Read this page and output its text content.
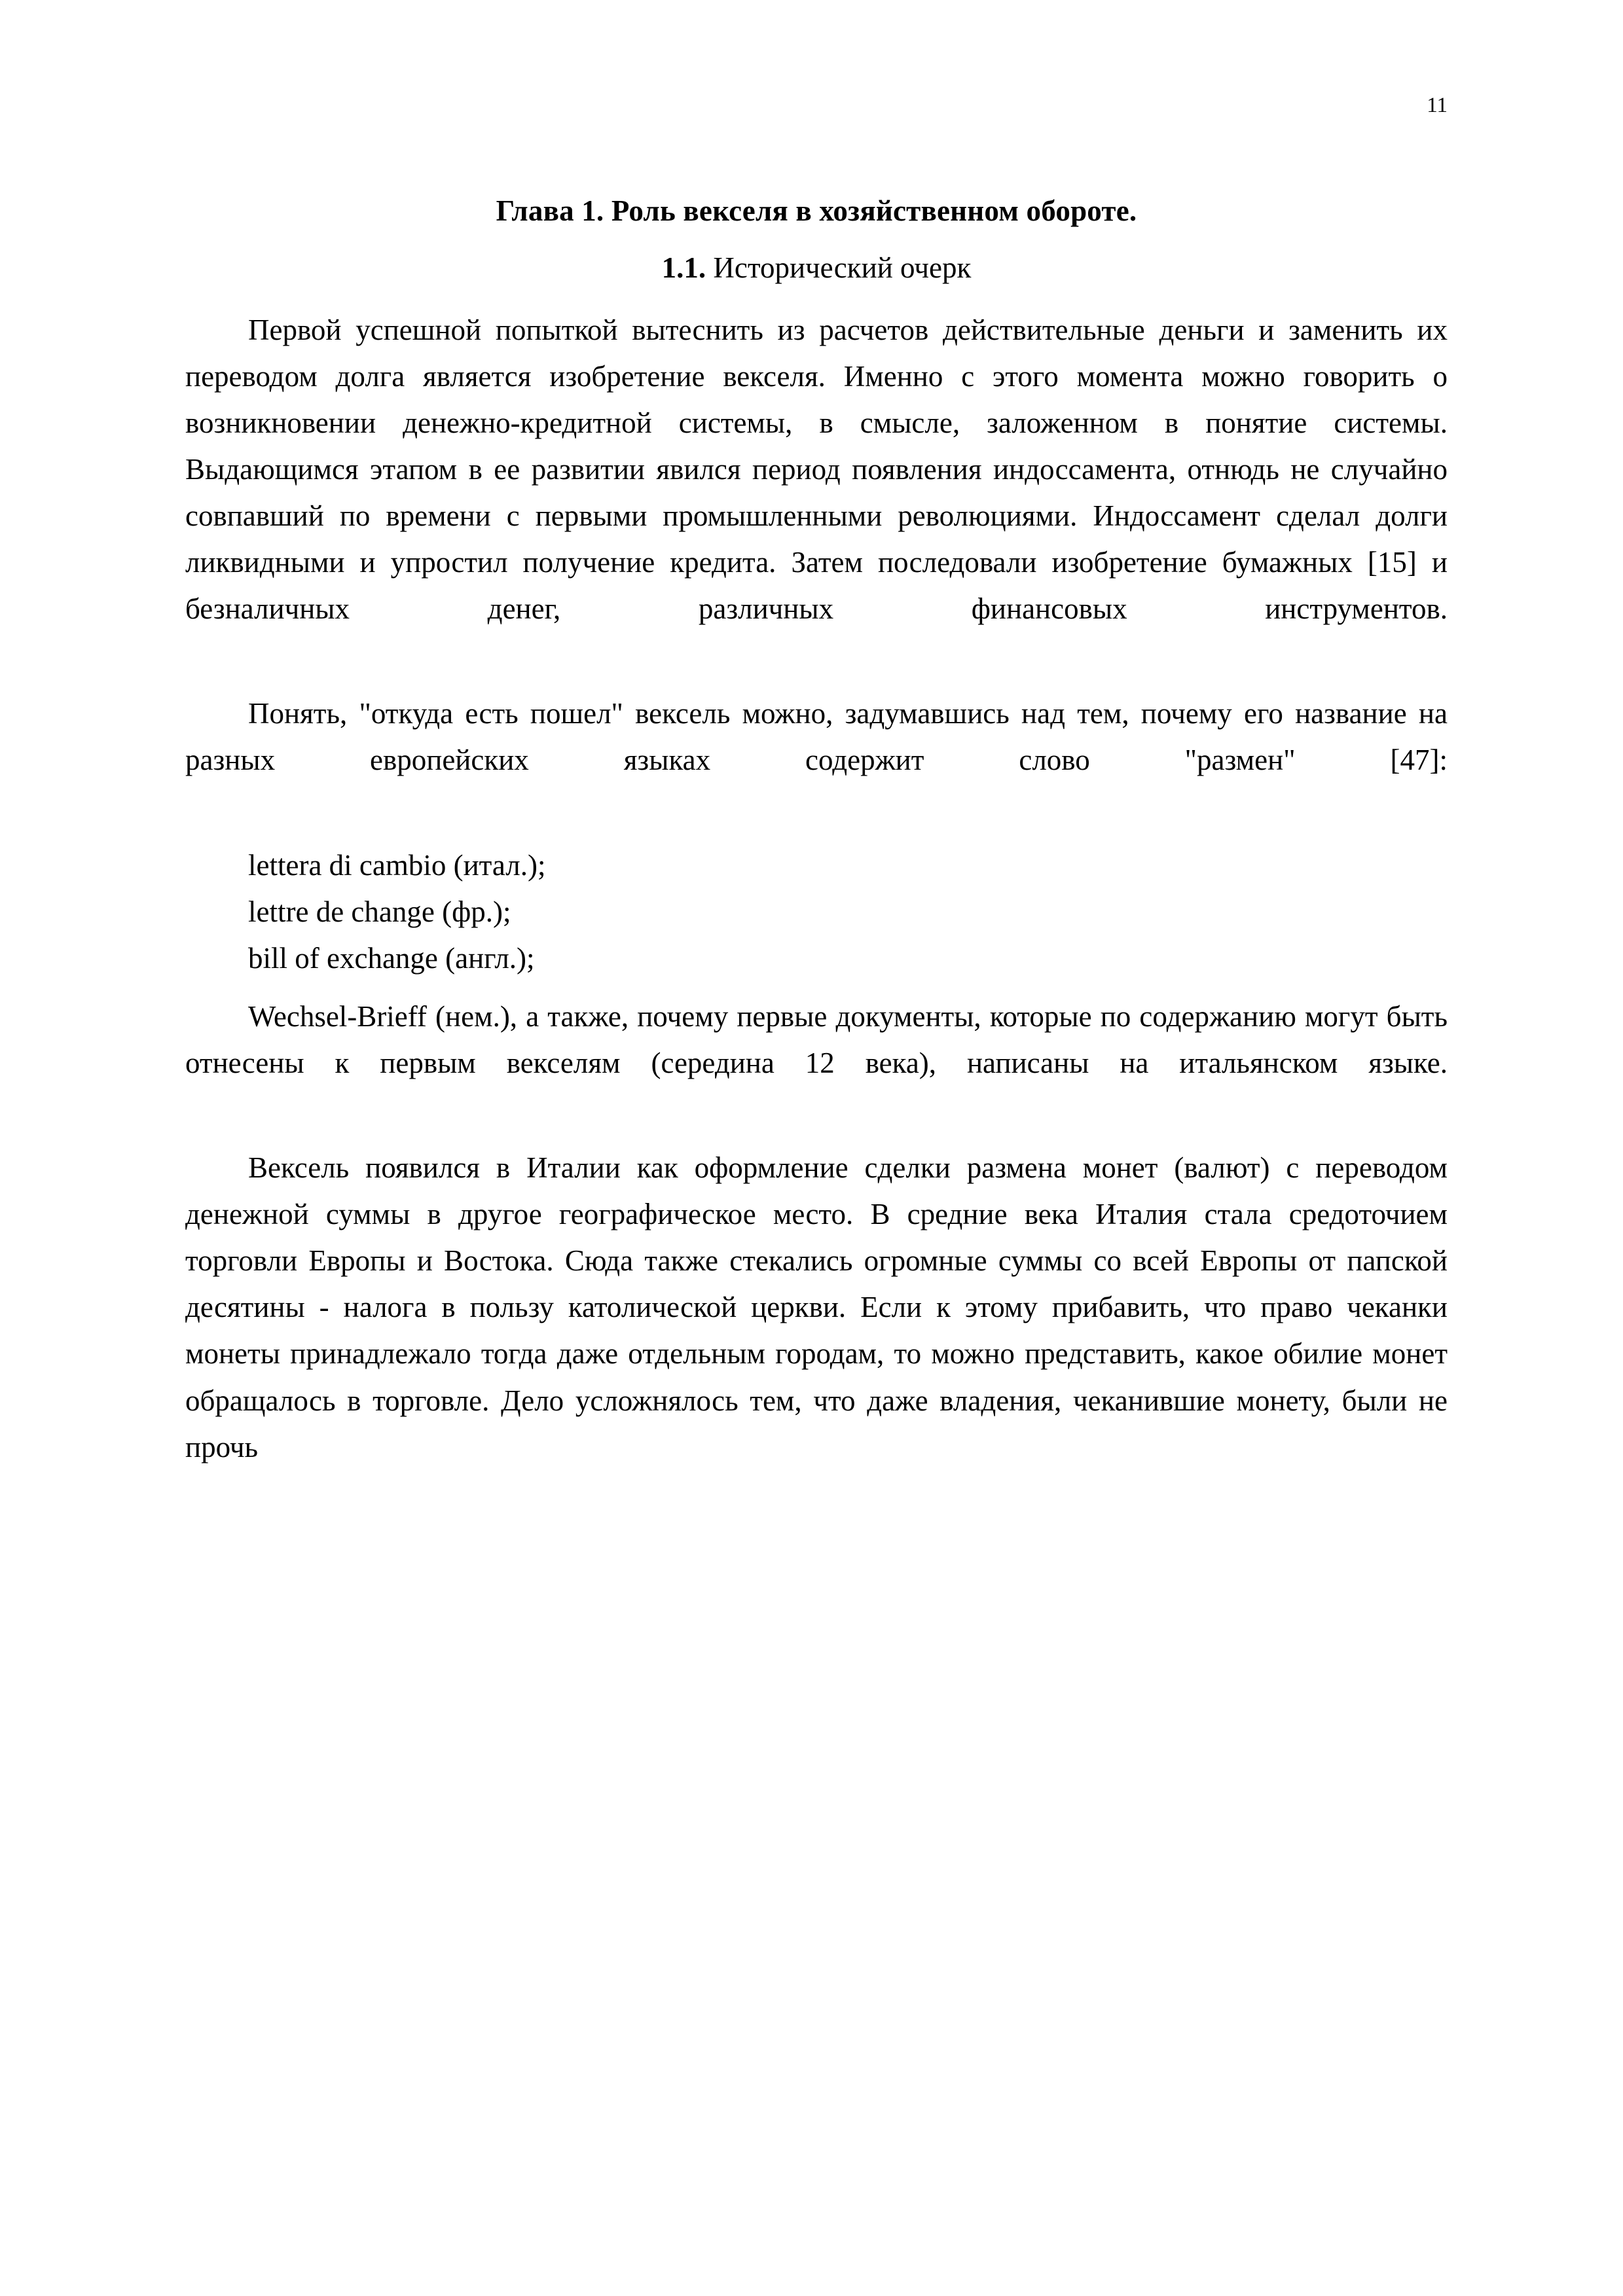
11
Глава 1. Роль векселя в хозяйственном обороте.
1.1. Исторический очерк

Первой успешной попыткой вытеснить из расчетов действительные деньги и заменить их переводом долга является изобретение векселя. Именно с этого момента можно говорить о возникновении денежно-кредитной системы, в смысле, заложенном в понятие системы. Выдающимся этапом в ее развитии явился период появления индоссамента, отнюдь не случайно совпавший по времени с первыми промышленными революциями. Индоссамент сделал долги ликвидными и упростил получение кредита. Затем последовали изобретение бумажных [15] и безналичных денег, различных финансовых инструментов.

Понять, "откуда есть пошел" вексель можно, задумавшись над тем, почему его название на разных европейских языках содержит слово "размен" [47]:

lettera di cambio (итал.);

lettre de change (фр.);

bill of exchange (англ.);

Wechsel-Brieff (нем.), а также, почему первые документы, которые по содержанию могут быть отнесены к первым векселям (середина 12 века), написаны на итальянском языке.

Вексель появился в Италии как оформление сделки размена монет (валют) с переводом денежной суммы в другое географическое место. В средние века Италия стала средоточием торговли Европы и Востока. Сюда также стекались огромные суммы со всей Европы от папской десятины - налога в пользу католической церкви. Если к этому прибавить, что право чеканки монеты принадлежало тогда даже отдельным городам, то можно представить, какое обилие монет обращалось в торговле. Дело усложнялось тем, что даже владения, чеканившие монету, были не прочь
